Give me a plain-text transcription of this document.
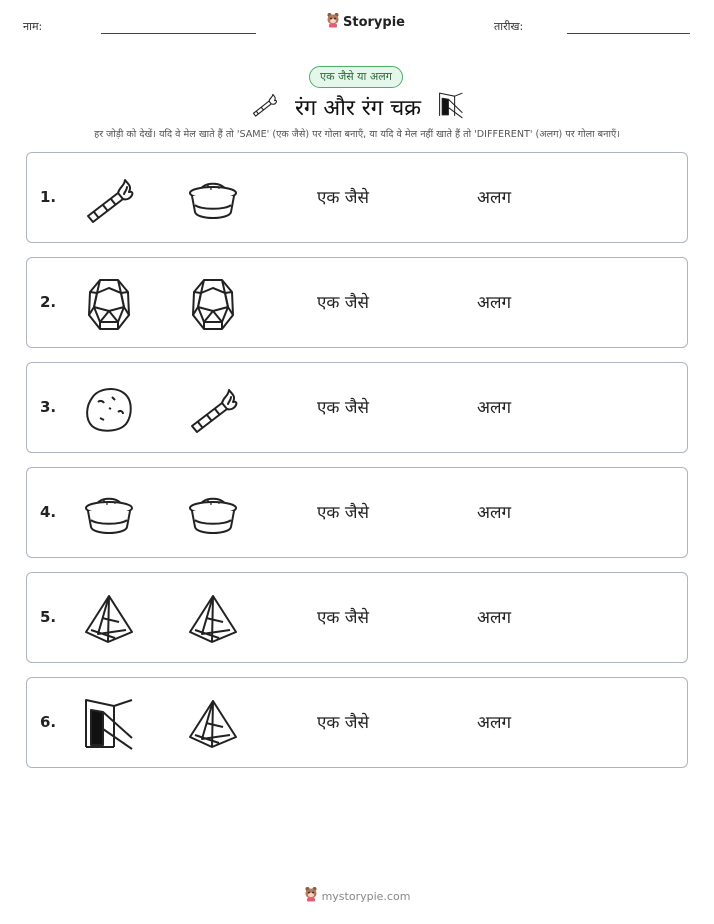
नाम:	Storypie	तारीख:
एक जैसे या अलग
रंग और रंग चक्र
हर जोड़ी को देखें। यदि वे मेल खाते हैं तो 'SAME' (एक जैसे) पर गोला बनाएँ, या यदि वे मेल नहीं खाते हैं तो 'DIFFERENT' (अलग) पर गोला बनाएँ।
1.	एक जैसे	अलग
2.	एक जैसे	अलग
3.	एक जैसे	अलग
4.	एक जैसे	अलग
5.	एक जैसे	अलग
6.	एक जैसे	अलग
mystorypie.com
